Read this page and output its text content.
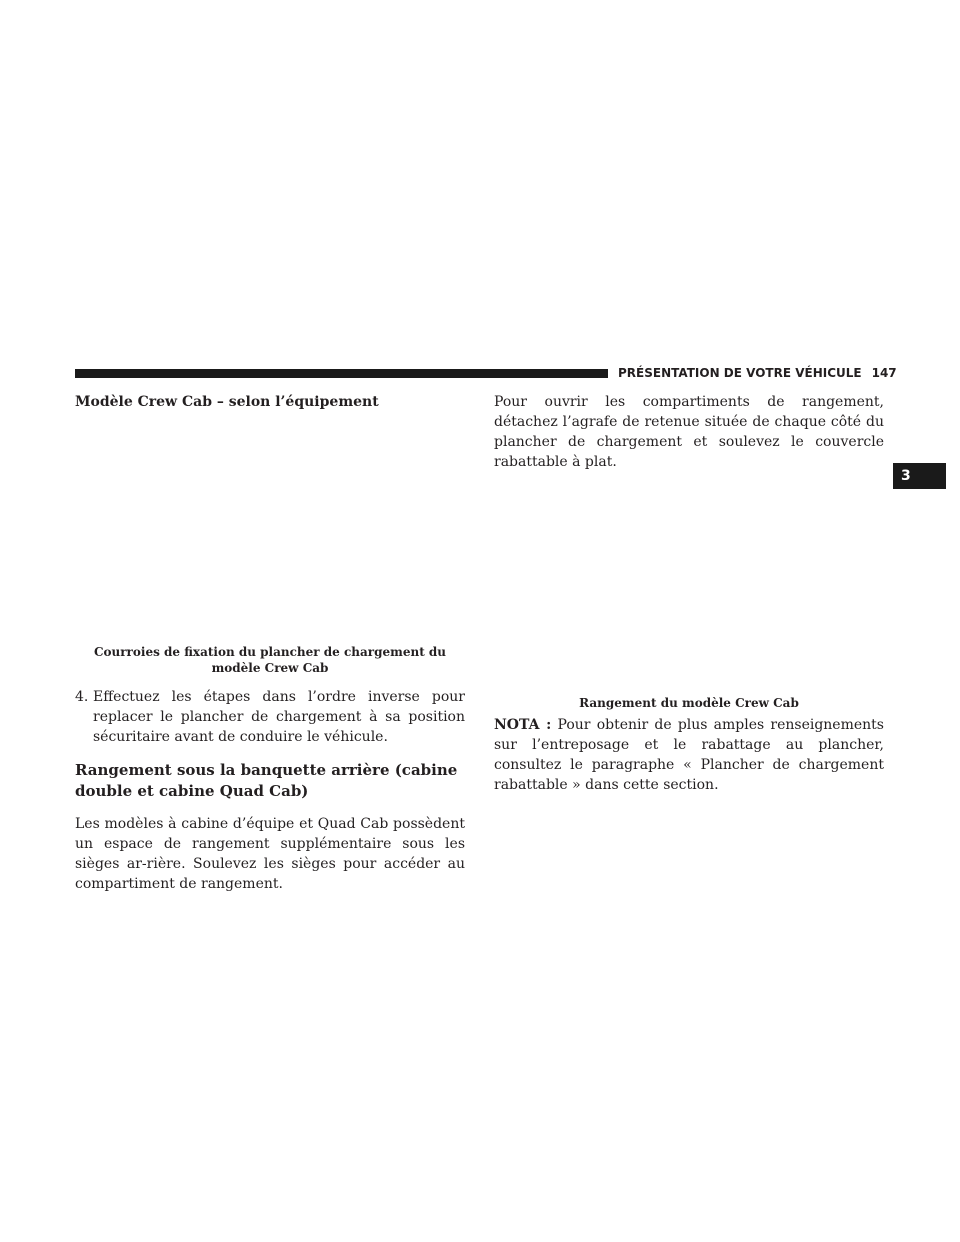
PRÉSENTATION DE VOTRE VÉHICULE 147
3

Modèle Crew Cab – selon l’équipement

Courroies de fixation du plancher de chargement du modèle Crew Cab

4. Effectuez les étapes dans l’ordre inverse pour replacer le plancher de chargement à sa position sécuritaire avant de conduire le véhicule.

Rangement sous la banquette arrière (cabine double et cabine Quad Cab)

Les modèles à cabine d’équipe et Quad Cab possèdent un espace de rangement supplémentaire sous les sièges ar-rière. Soulevez les sièges pour accéder au compartiment de rangement.

Pour ouvrir les compartiments de rangement, détachez l’agrafe de retenue située de chaque côté du plancher de chargement et soulevez le couvercle rabattable à plat.

Rangement du modèle Crew Cab

NOTA : Pour obtenir de plus amples renseignements sur l’entreposage et le rabattage au plancher, consultez le paragraphe « Plancher de chargement rabattable » dans cette section.
